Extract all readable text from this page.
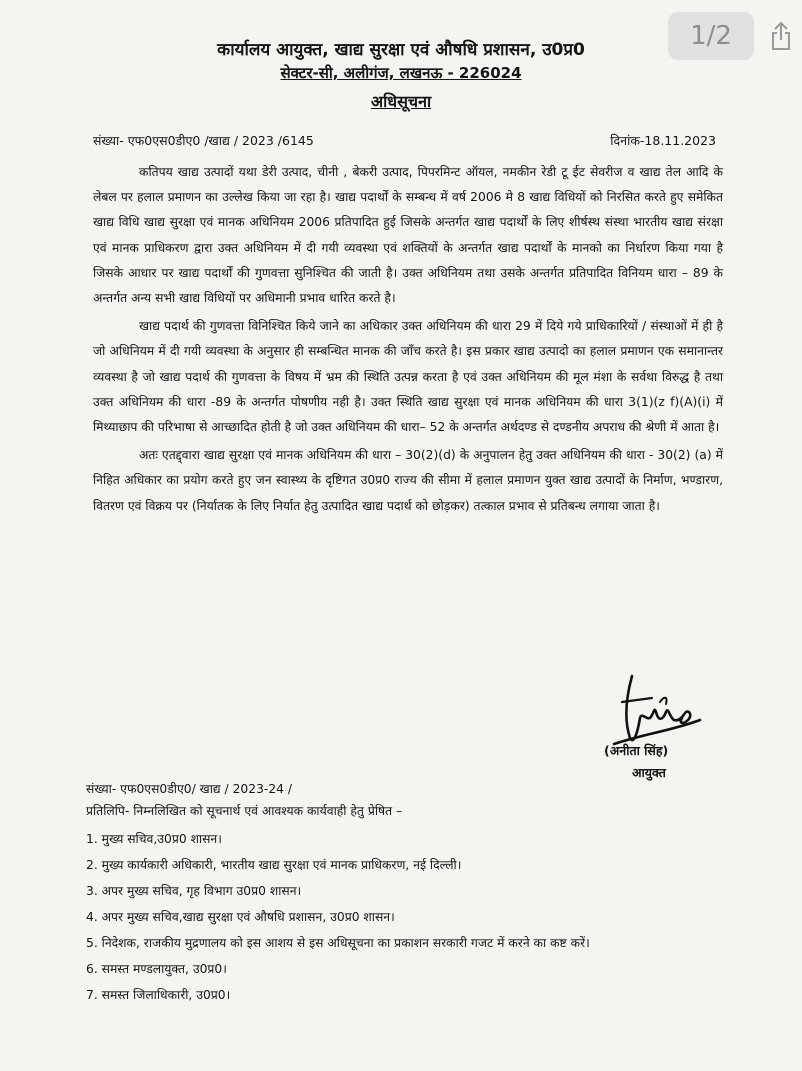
1/2
कार्यालय आयुक्त, खाद्य सुरक्षा एवं औषधि प्रशासन, उ0प्र0
सेक्टर-सी, अलीगंज, लखनऊ - 226024
अधिसूचना
संख्या- एफ0एस0डीए0 /खाद्य / 2023 /6145	दिनांक-18.11.2023

कतिपय खाद्य उत्पादों यथा डेरी उत्पाद, चीनी , बेकरी उत्पाद, पिपरमिन्ट ऑयल, नमकीन रेडी टू ईट सेवरीज व खाद्य तेल आदि के लेबल पर हलाल प्रमाणन का उल्लेख किया जा रहा है। खाद्य पदार्थों के सम्बन्ध में वर्ष 2006 मे 8 खाद्य विधियों को निरसित करते हुए समेकित खाद्य विधि खाद्य सुरक्षा एवं मानक अधिनियम 2006 प्रतिपादित हुई जिसके अन्तर्गत खाद्य पदार्थों के लिए शीर्षस्थ संस्था भारतीय खाद्य संरक्षा एवं मानक प्राधिकरण द्वारा उक्त अधिनियम में दी गयी व्यवस्था एवं शक्तियों के अन्तर्गत खाद्य पदार्थों के मानको का निर्धारण किया गया है जिसके आधार पर खाद्य पदार्थों की गुणवत्ता सुनिश्चित की जाती है। उक्त अधिनियम तथा उसके अन्तर्गत प्रतिपादित विनियम धारा – 89 के अन्तर्गत अन्य सभी खाद्य विधियों पर अधिमानी प्रभाव धारित करते है।

खाद्य पदार्थ की गुणवत्ता विनिश्चित किये जाने का अधिकार उक्त अधिनियम की धारा 29 में दिये गये प्राधिकारियों / संस्थाओं में ही है जो अधिनियम में दी गयी व्यवस्था के अनुसार ही सम्बन्धित मानक की जाँच करते है। इस प्रकार खाद्य उत्पादो का हलाल प्रमाणन एक समानान्तर व्यवस्था है जो खाद्य पदार्थ की गुणवत्ता के विषय में भ्रम की स्थिति उत्पन्न करता है एवं उक्त अधिनियम की मूल मंशा के सर्वथा विरुद्ध है तथा उक्त अधिनियम की धारा -89 के अन्तर्गत पोषणीय नही है। उक्त स्थिति खाद्य सुरक्षा एवं मानक अधिनियम की धारा 3(1)(z f)(A)(i) में मिथ्याछाप की परिभाषा से आच्छादित होती है जो उक्त अधिनियम की धारा– 52 के अन्तर्गत अर्थदण्ड से दण्डनीय अपराध की श्रेणी में आता है।

अतः एतद्द्वारा खाद्य सुरक्षा एवं मानक अधिनियम की धारा – 30(2)(d) के अनुपालन हेतु उक्त अधिनियम की धारा - 30(2) (a) में निहित अधिकार का प्रयोग करते हुए जन स्वास्थ्य के दृष्टिगत उ0प्र0 राज्य की सीमा में हलाल प्रमाणन युक्त खाद्य उत्पादों के निर्माण, भण्डारण, वितरण एवं विक्रय पर (निर्यातक के लिए निर्यात हेतु उत्पादित खाद्य पदार्थ को छोड़कर) तत्काल प्रभाव से प्रतिबन्ध लगाया जाता है।

(अनीता सिंह)
आयुक्त
संख्या- एफ0एस0डीए0/ खाद्य / 2023-24 /
प्रतिलिपि- निम्नलिखित को सूचनार्थ एवं आवश्यक कार्यवाही हेतु प्रेषित –
1. मुख्य सचिव,उ0प्र0 शासन।
2. मुख्य कार्यकारी अधिकारी, भारतीय खाद्य सुरक्षा एवं मानक प्राधिकरण, नई दिल्ली।
3. अपर मुख्य सचिव, गृह विभाग उ0प्र0 शासन।
4. अपर मुख्य सचिव,खाद्य सुरक्षा एवं औषधि प्रशासन, उ0प्र0 शासन।
5. निदेशक, राजकीय मुद्रणालय को इस आशय से इस अधिसूचना का प्रकाशन सरकारी गजट में करने का कष्ट करें।
6. समस्त मण्डलायुक्त, उ0प्र0।
7. समस्त जिलाधिकारी, उ0प्र0।
